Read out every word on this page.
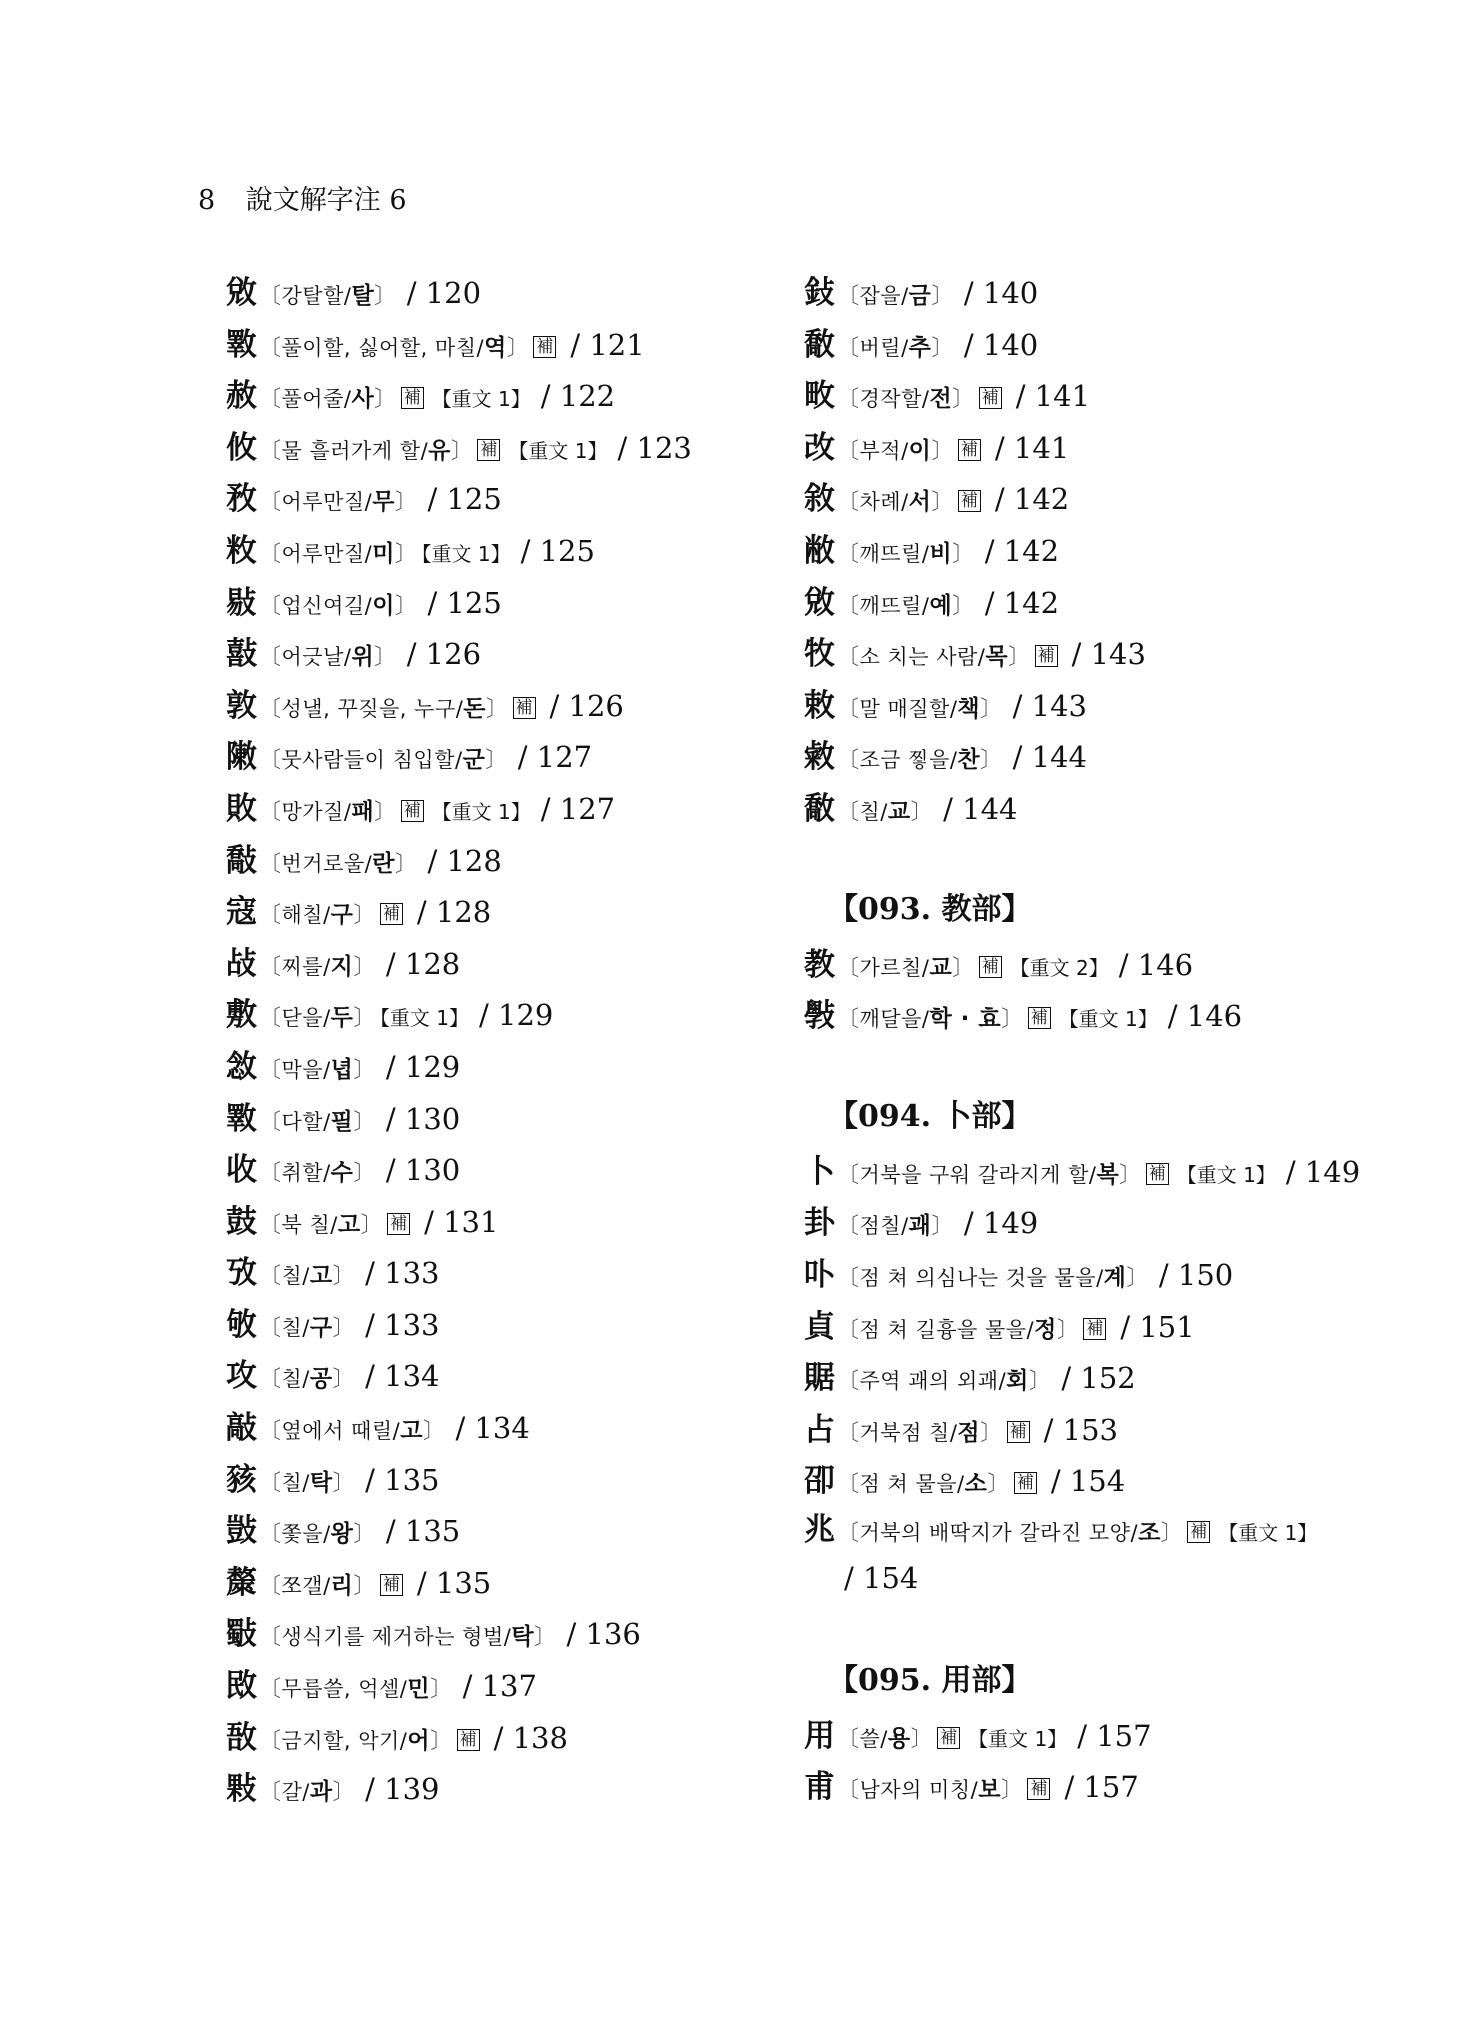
8 說文解字注 6
敓〔강탈할/탈〕 / 120
斁〔풀이할, 싫어할, 마칠/역〕 補 / 121
赦〔풀어줄/사〕 補 【重文 1】 / 122
攸〔물 흘러가게 할/유〕 補 【重文 1】 / 123
敄〔어루만질/무〕 / 125
敉〔어루만질/미〕 【重文 1】 / 125
敡〔업신여길/이〕 / 125
敼〔어긋날/위〕 / 126
敦〔성낼, 꾸짖을, 누구/돈〕 補 / 126
敶〔뭇사람들이 침입할/군〕 / 127
敗〔망가질/패〕 補 【重文 1】 / 127
敽〔번거로울/란〕 / 128
寇〔해칠/구〕 補 / 128
敁〔찌를/지〕 / 128
敷〔닫을/두〕 【重文 1】 / 129
敜〔막을/녑〕 / 129
斁〔다할/필〕 / 130
收〔취할/수〕 / 130
鼓〔북 칠/고〕 補 / 131
攷〔칠/고〕 / 133
敂〔칠/구〕 / 133
攻〔칠/공〕 / 134
敲〔옆에서 때릴/고〕 / 134
豥〔칠/탁〕 / 135
敱〔쫓을/왕〕 / 135
斄〔쪼갤/리〕 補 / 135
斀〔생식기를 제거하는 형벌/탁〕 / 136
敃〔무릅쓸, 억셀/민〕 / 137
敔〔금지할, 악기/어〕 補 / 138
敤〔갈/과〕 / 139
鈙〔잡을/금〕 / 140
敿〔버릴/추〕 / 140
畋〔경작할/전〕 補 / 141
改〔부적/이〕 補 / 141
敘〔차례/서〕 補 / 142
敝〔깨뜨릴/비〕 / 142
敓〔깨뜨릴/예〕 / 142
牧〔소 치는 사람/목〕 補 / 143
敕〔말 매질할/책〕 / 143
敹〔조금 찧을/찬〕 / 144
敿〔칠/교〕 / 144
【093. 教部】
教〔가르칠/교〕 補 【重文 2】 / 146
斅〔깨달을/학 · 효〕 補 【重文 1】 / 146
【094. 卜部】
卜〔거북을 구워 갈라지게 할/복〕 補 【重文 1】 / 149
卦〔점칠/괘〕 / 149
卟〔점 쳐 의심나는 것을 물을/계〕 / 150
貞〔점 쳐 길흉을 물을/정〕 補 / 151
䝻〔주역 괘의 외괘/회〕 / 152
占〔거북점 칠/점〕 補 / 153
卲〔점 쳐 물을/소〕 補 / 154
兆〔거북의 배딱지가 갈라진 모양/조〕 補 【重文 1】
/ 154
【095. 用部】
用〔쓸/용〕 補 【重文 1】 / 157
甫〔남자의 미칭/보〕 補 / 157
